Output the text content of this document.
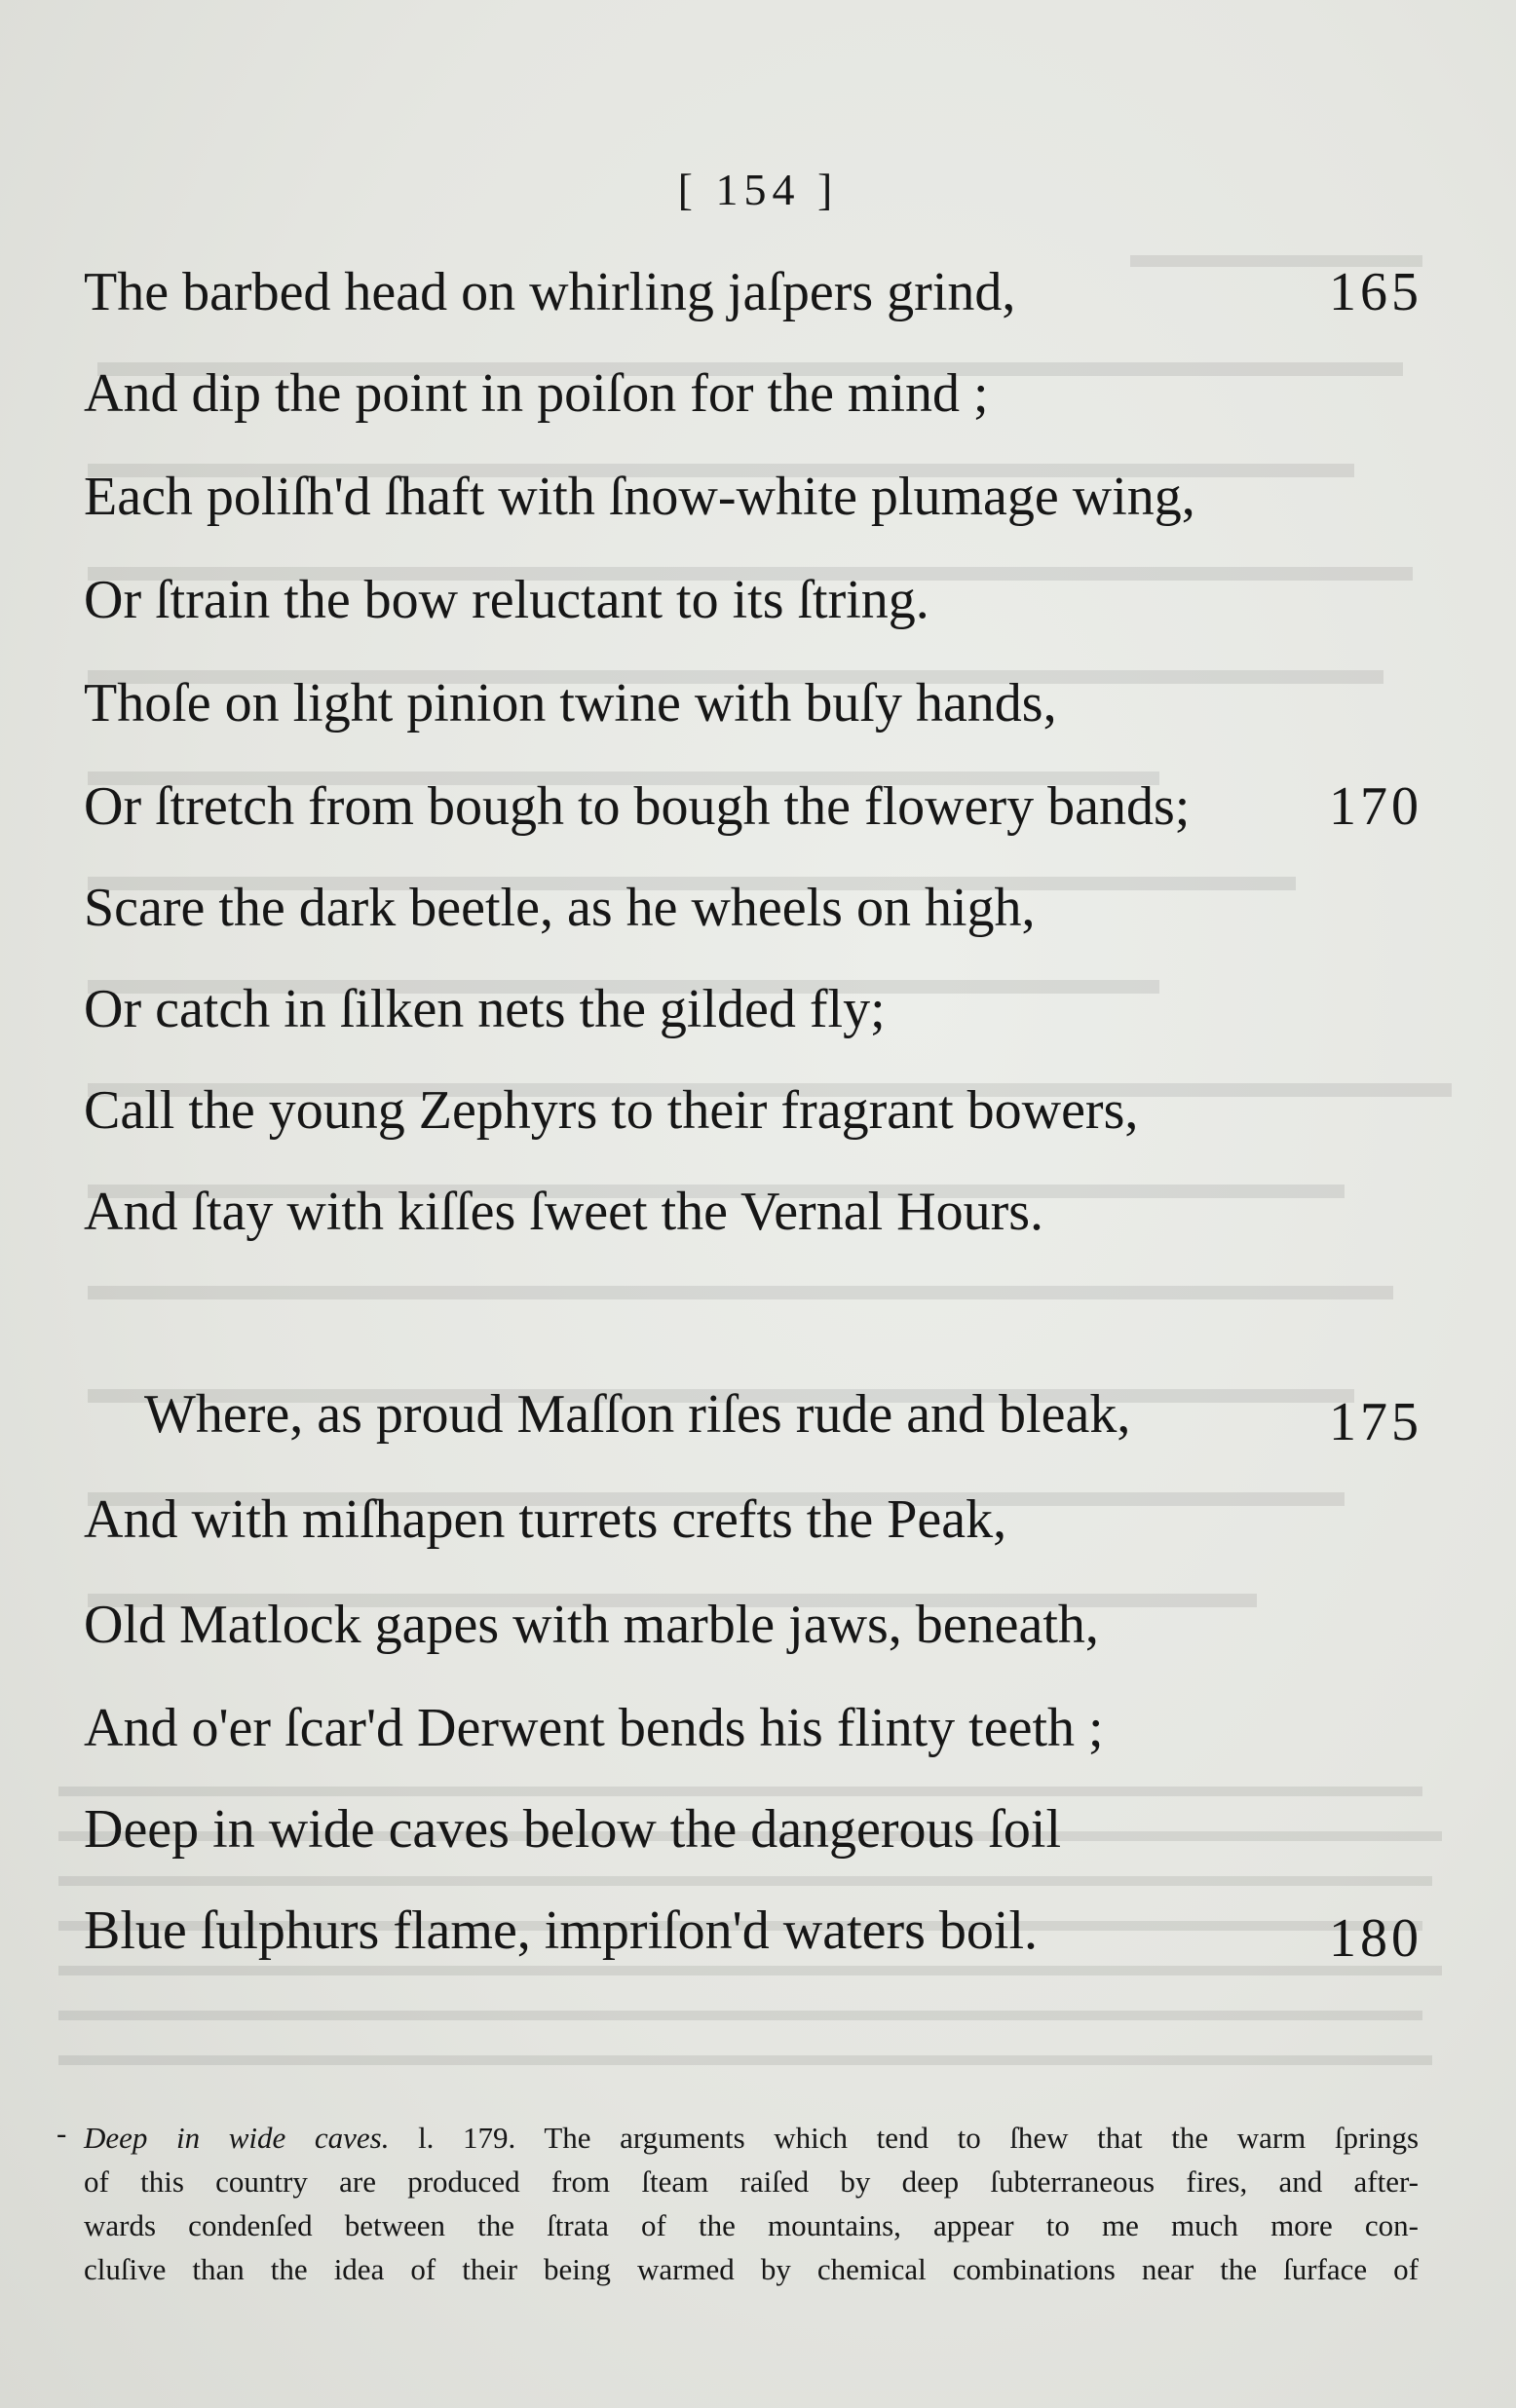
[ 154 ]
The barbed head on whirling jaſpers grind,	165
And dip the point in poiſon for the mind ;
Each poliſh'd ſhaft with ſnow-white plumage wing,
Or ſtrain the bow reluctant to its ſtring.
Thoſe on light pinion twine with buſy hands,
Or ſtretch from bough to bough the flowery bands;	170
Scare the dark beetle, as he wheels on high,
Or catch in ſilken nets the gilded fly;
Call the young Zephyrs to their fragrant bowers,
And ſtay with kiſſes ſweet the Vernal Hours.
Where, as proud Maſſon riſes rude and bleak,	175
And with miſhapen turrets crefts the Peak,
Old Matlock gapes with marble jaws, beneath,
And o'er ſcar'd Derwent bends his flinty teeth ;
Deep in wide caves below the dangerous ſoil
Blue ſulphurs flame, impriſon'd waters boil.	180
- Deep in wide caves. l. 179. The arguments which tend to ſhew that the warm ſprings
of this country are produced from ſteam raiſed by deep ſubterraneous fires, and after-
wards condenſed between the ſtrata of the mountains, appear to me much more con-
cluſive than the idea of their being warmed by chemical combinations near the ſurface of
